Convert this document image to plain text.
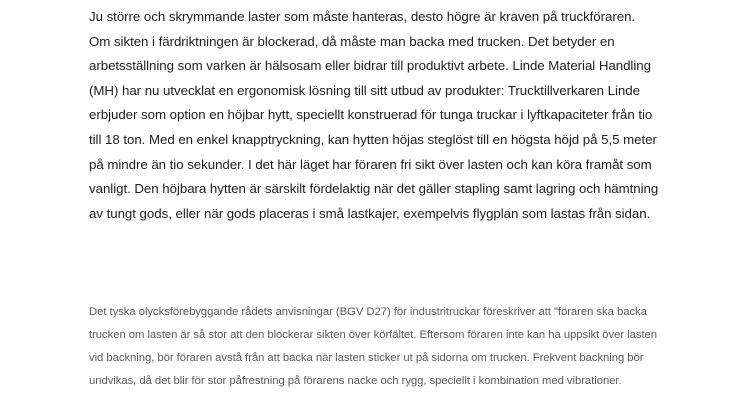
Ju större och skrymmande laster som måste hanteras, desto högre är kraven på truckföraren. Om sikten i färdriktningen är blockerad, då måste man backa med trucken. Det betyder en arbetsställning som varken är hälsosam eller bidrar till produktivt arbete. Linde Material Handling (MH) har nu utvecklat en ergonomisk lösning till sitt utbud av produkter: Trucktillverkaren Linde erbjuder som option en höjbar hytt, speciellt konstruerad för tunga truckar i lyftkapaciteter från tio till 18 ton. Med en enkel knapptryckning, kan hytten höjas steglöst till en högsta höjd på 5,5 meter på mindre än tio sekunder. I det här läget har föraren fri sikt över lasten och kan köra framåt som vanligt. Den höjbara hytten är särskilt fördelaktig när det gäller stapling samt lagring och hämtning av tungt gods, eller när gods placeras i små lastkajer, exempelvis flygplan som lastas från sidan.

Det tyska olycksförebyggande rådets anvisningar (BGV D27) för industritruckar föreskriver att "föraren ska backa trucken om lasten är så stor att den blockerar sikten över körfältet. Eftersom föraren inte kan ha uppsikt över lasten vid backning, bör föraren avstå från att backa när lasten sticker ut på sidorna om trucken. Frekvent backning bör undvikas, då det blir för stor påfrestning på förarens nacke och rygg, speciellt i kombination med vibrationer.
